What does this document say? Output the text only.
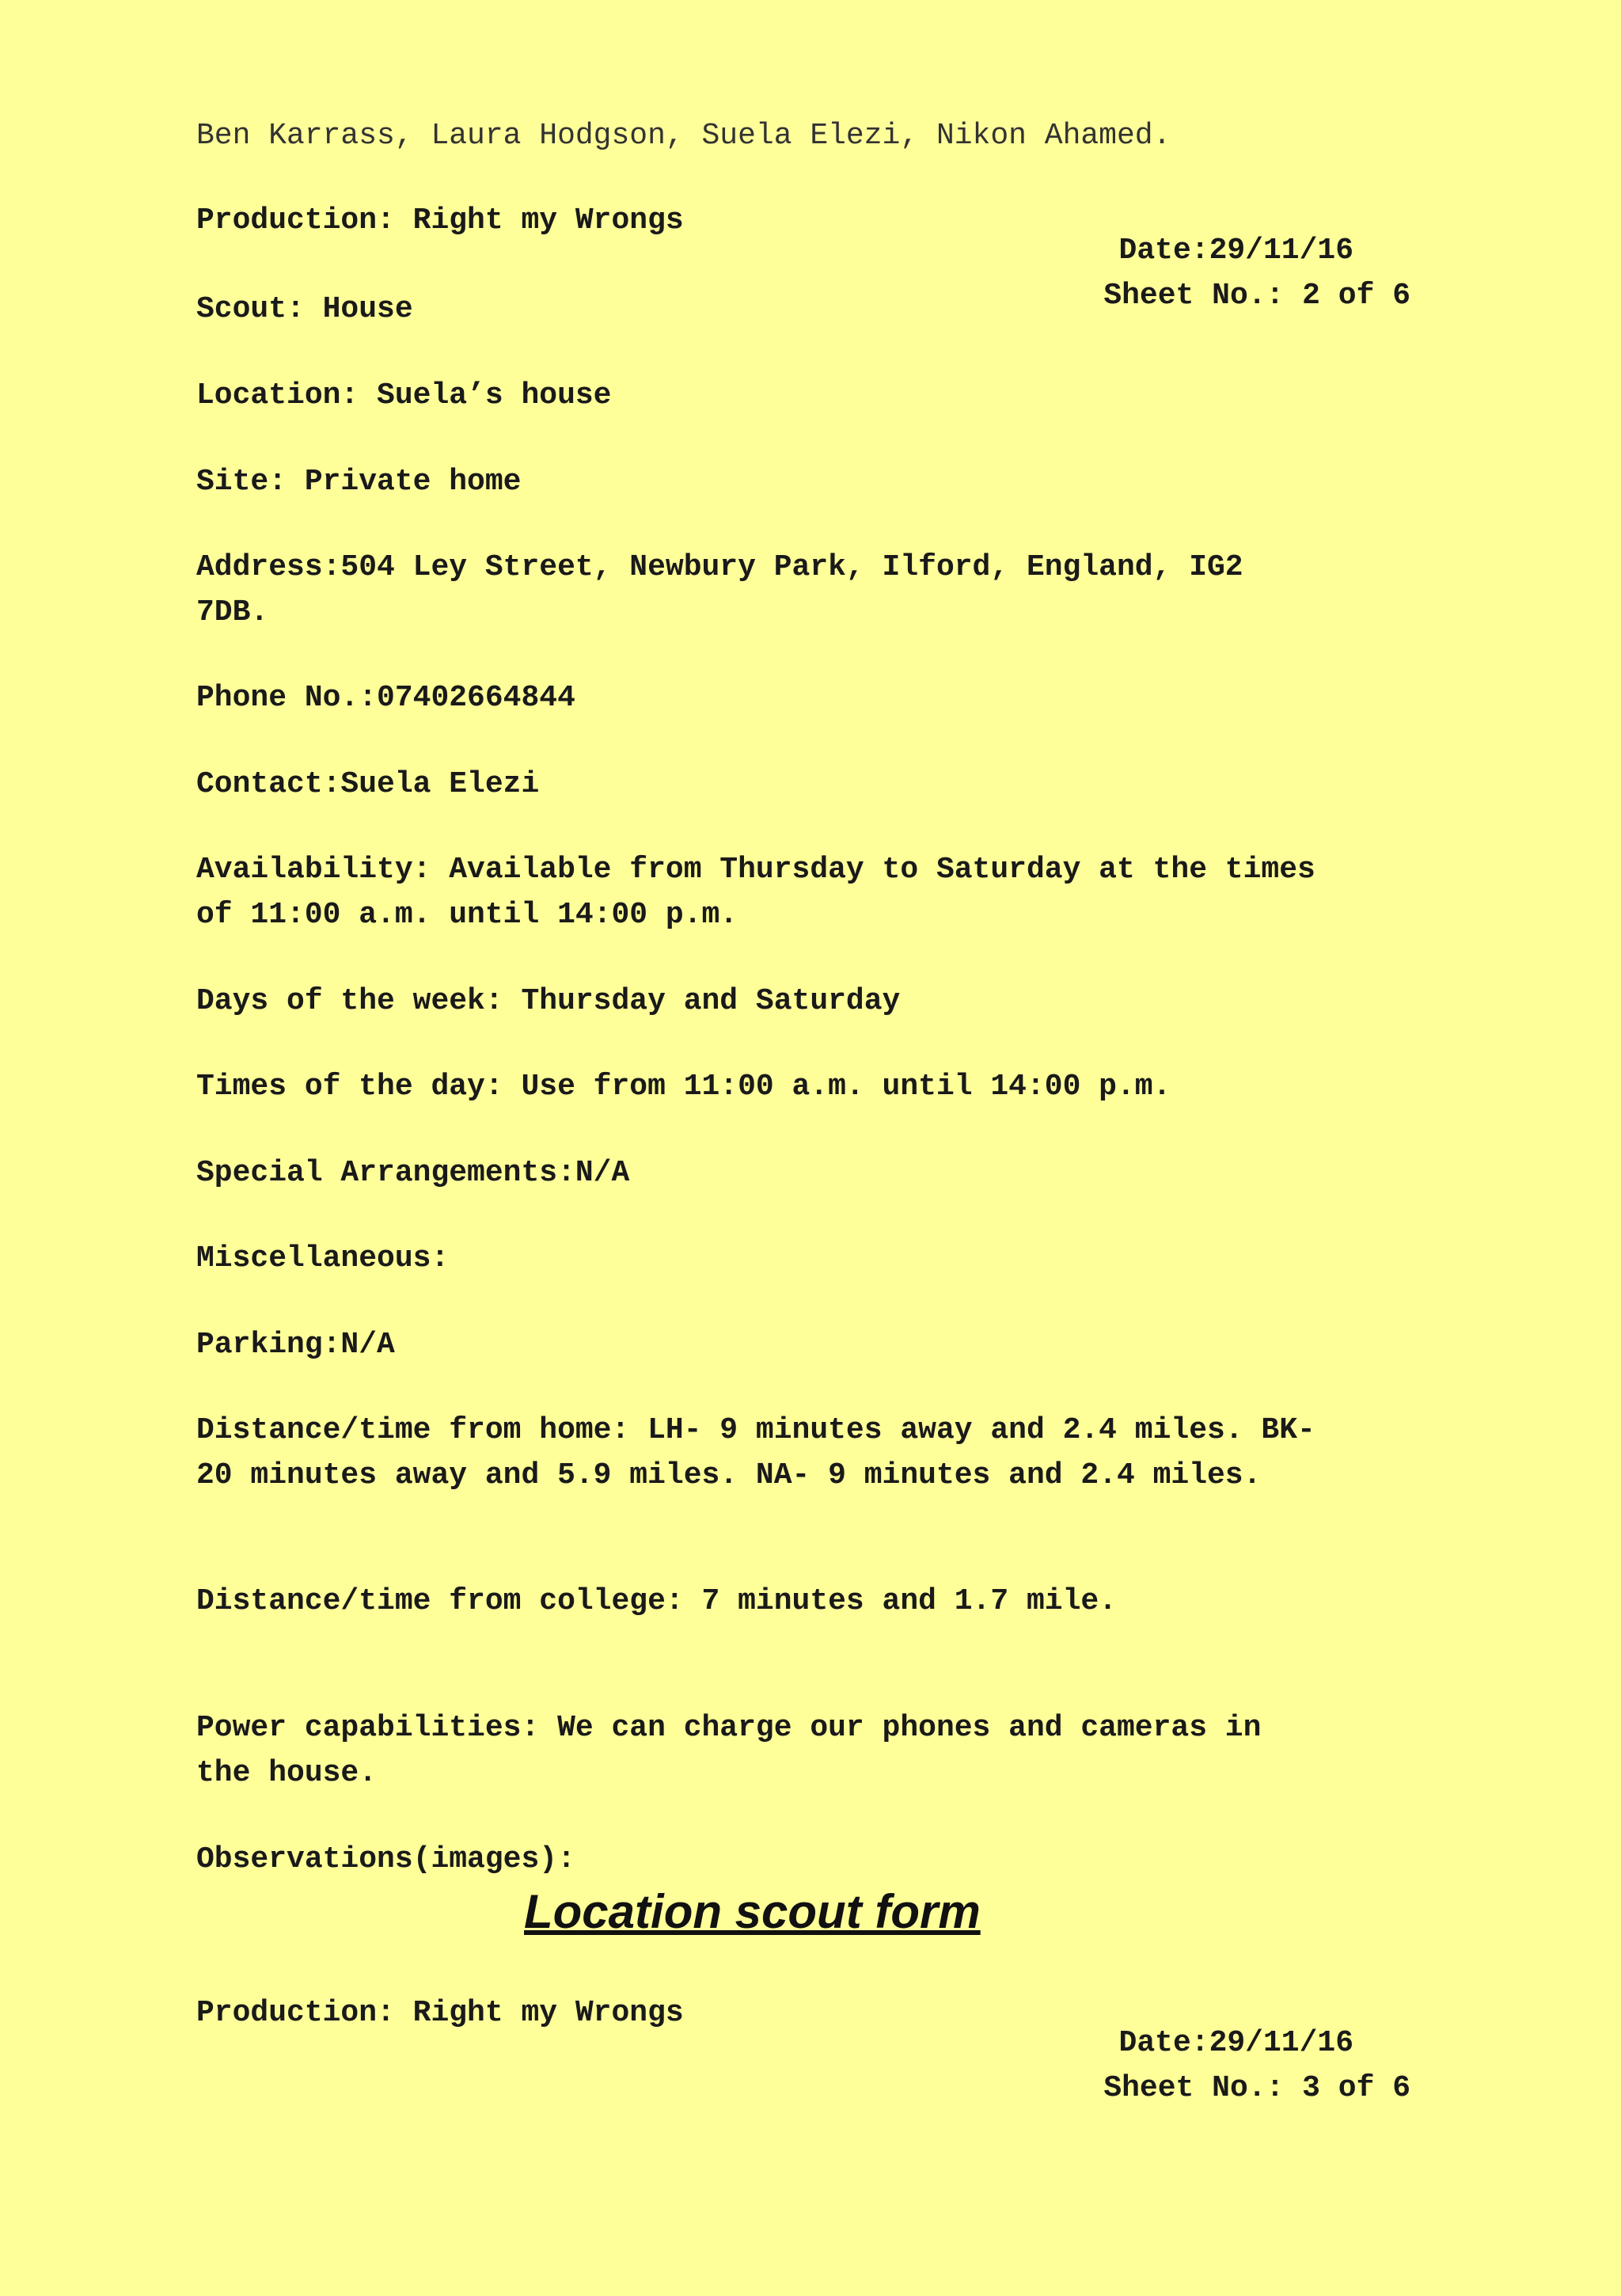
Ben Karrass, Laura Hodgson, Suela Elezi, Nikon Ahamed.

Production: Right my Wrongs

Date:29/11/16

Sheet No.: 2 of 6

Scout: House

Location: Suela’s house

Site: Private home

Address:504 Ley Street, Newbury Park, Ilford, England, IG2

7DB.

Phone No.:07402664844

Contact:Suela Elezi

Availability: Available from Thursday to Saturday at the times

of 11:00 a.m. until 14:00 p.m.

Days of the week: Thursday and Saturday

Times of the day: Use from 11:00 a.m. until 14:00 p.m.

Special Arrangements:N/A

Miscellaneous:

Parking:N/A

Distance/time from home: LH- 9 minutes away and 2.4 miles. BK-

20 minutes away and 5.9 miles. NA- 9 minutes and 2.4 miles.

Distance/time from college: 7 minutes and 1.7 mile.

Power capabilities: We can charge our phones and cameras in

the house.

Observations(images):

Location scout form

Production: Right my Wrongs

Date:29/11/16

Sheet No.: 3 of 6
